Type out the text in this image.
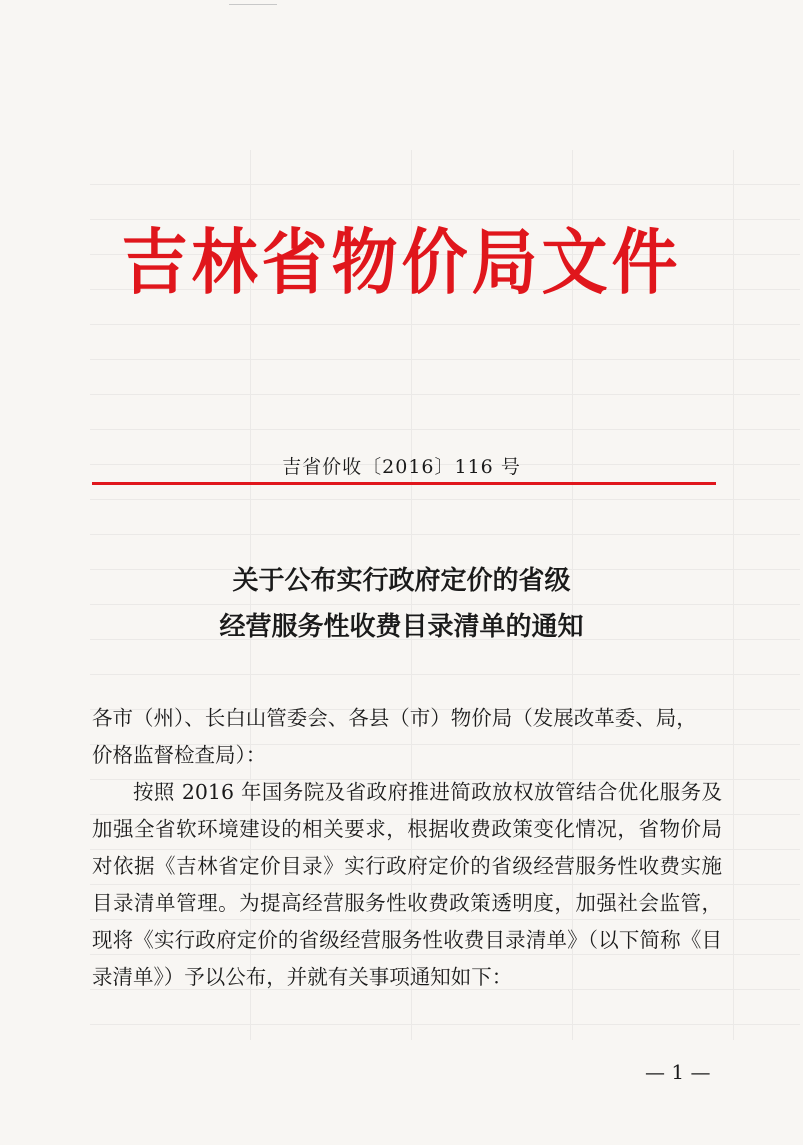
吉林省物价局文件
吉省价收〔2016〕116 号
关于公布实行政府定价的省级
经营服务性收费目录清单的通知

各市（州）、长白山管委会、各县（市）物价局（发展改革委、局，

价格监督检查局）：

按照 2016 年国务院及省政府推进简政放权放管结合优化服务及加强全省软环境建设的相关要求，根据收费政策变化情况，省物价局对依据《吉林省定价目录》实行政府定价的省级经营服务性收费实施目录清单管理。为提高经营服务性收费政策透明度，加强社会监管，现将《实行政府定价的省级经营服务性收费目录清单》（以下简称《目录清单》）予以公布，并就有关事项通知如下：

— 1 —
